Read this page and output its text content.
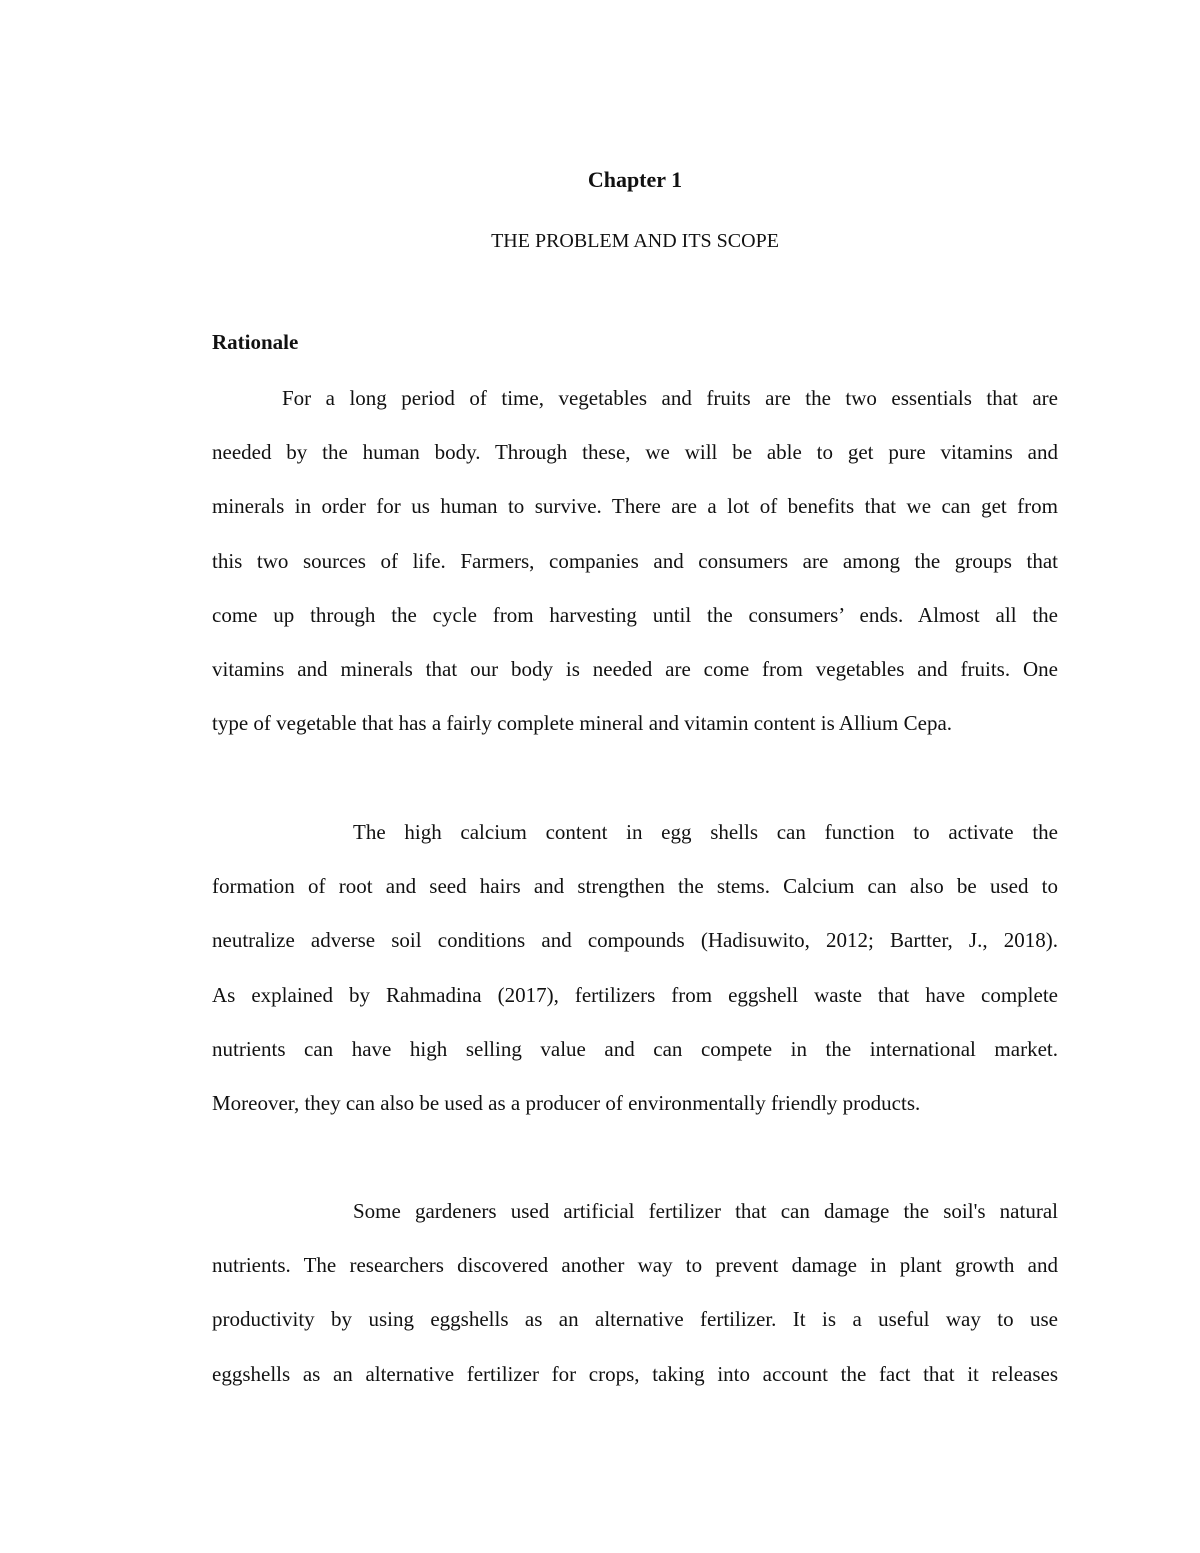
Chapter 1
THE PROBLEM AND ITS SCOPE
Rationale
For a long period of time, vegetables and fruits are the two essentials that are
needed by the human body. Through these, we will be able to get pure vitamins and
minerals in order for us human to survive. There are a lot of benefits that we can get from
this two sources of life. Farmers, companies and consumers are among the groups that
come up through the cycle from harvesting until the consumers’ ends. Almost all the
vitamins and minerals that our body is needed are come from vegetables and fruits. One
type of vegetable that has a fairly complete mineral and vitamin content is Allium Cepa.
The high calcium content in egg shells can function to activate the
formation of root and seed hairs and strengthen the stems. Calcium can also be used to
neutralize adverse soil conditions and compounds (Hadisuwito, 2012; Bartter, J., 2018).
As explained by Rahmadina (2017), fertilizers from eggshell waste that have complete
nutrients can have high selling value and can compete in the international market.
Moreover, they can also be used as a producer of environmentally friendly products.
Some gardeners used artificial fertilizer that can damage the soil's natural
nutrients. The researchers discovered another way to prevent damage in plant growth and
productivity by using eggshells as an alternative fertilizer. It is a useful way to use
eggshells as an alternative fertilizer for crops, taking into account the fact that it releases
